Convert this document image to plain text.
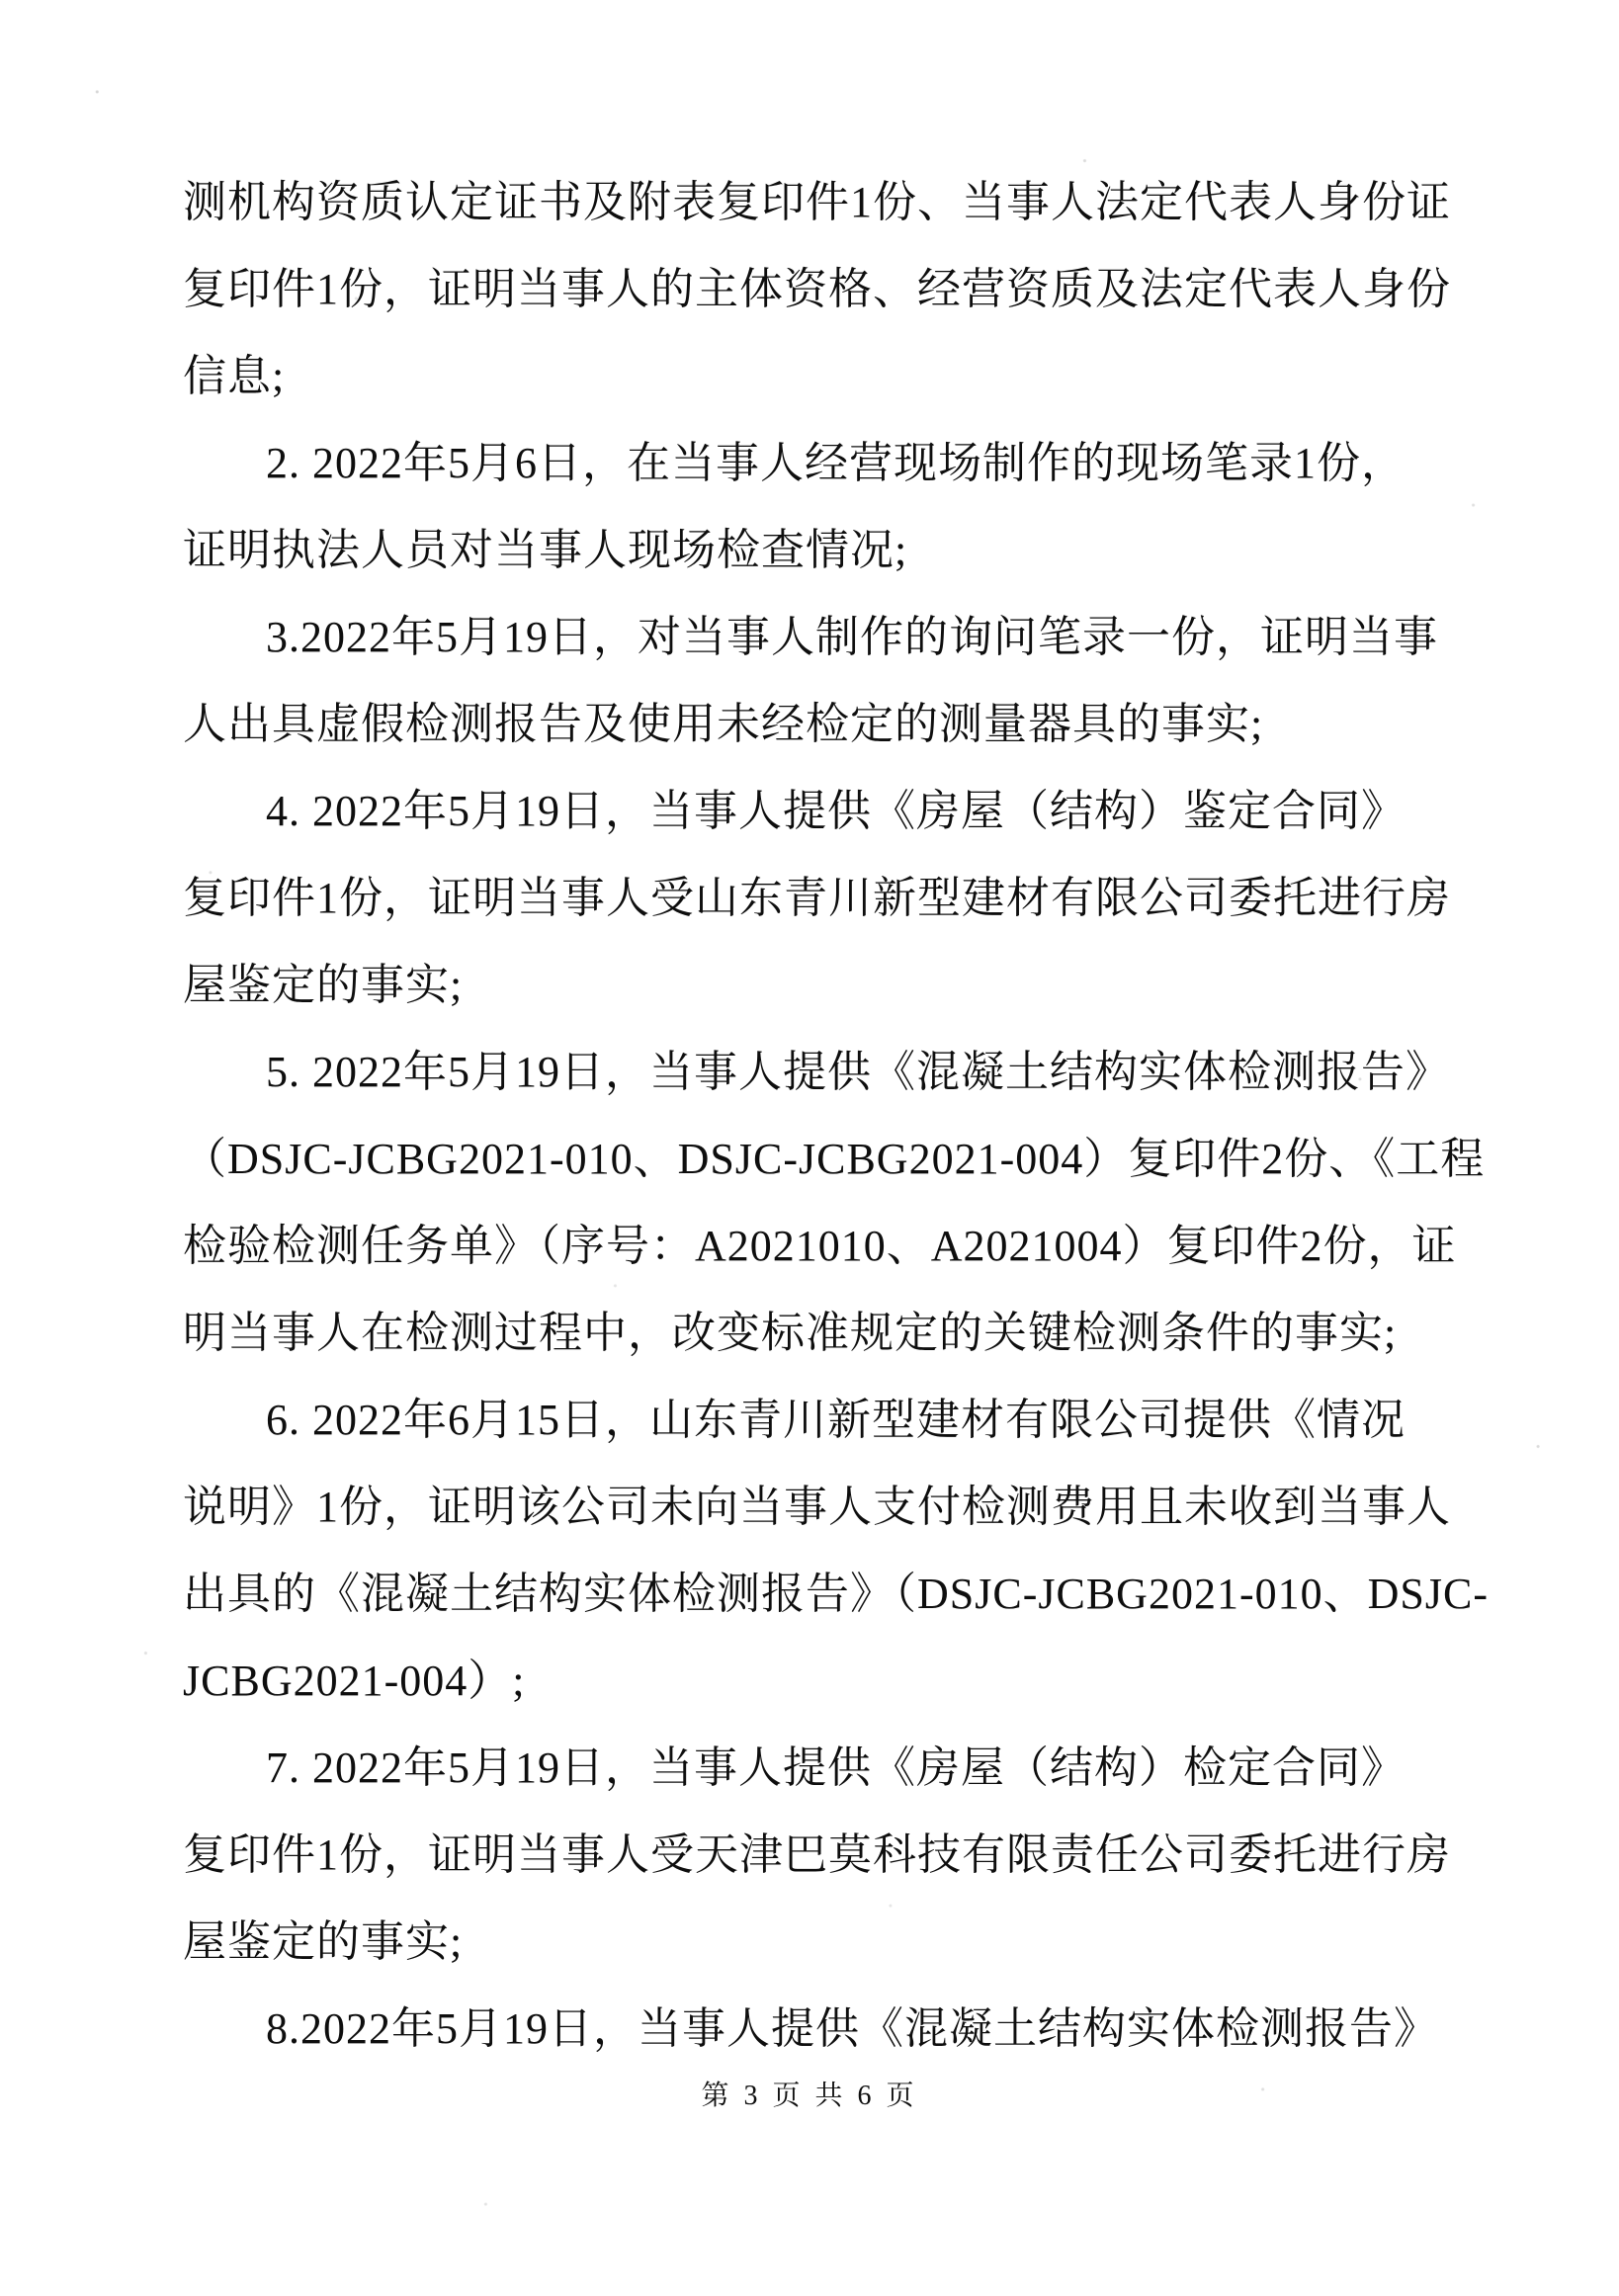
测机构资质认定证书及附表复印件1份、当事人法定代表人身份证
复印件1份，证明当事人的主体资格、经营资质及法定代表人身份
信息;
2. 2022年5月6日，在当事人经营现场制作的现场笔录1份，
证明执法人员对当事人现场检查情况;
3.2022年5月19日，对当事人制作的询问笔录一份，证明当事
人出具虚假检测报告及使用未经检定的测量器具的事实;
4. 2022年5月19日，当事人提供《房屋（结构）鉴定合同》
复印件1份，证明当事人受山东青川新型建材有限公司委托进行房
屋鉴定的事实;
5. 2022年5月19日，当事人提供《混凝土结构实体检测报告》
（DSJC-JCBG2021-010、DSJC-JCBG2021-004）复印件2份、《工程
检验检测任务单》（序号：A2021010、A2021004）复印件2份，证
明当事人在检测过程中，改变标准规定的关键检测条件的事实;
6. 2022年6月15日，山东青川新型建材有限公司提供《情况
说明》1份，证明该公司未向当事人支付检测费用且未收到当事人
出具的《混凝土结构实体检测报告》（DSJC-JCBG2021-010、DSJC-
JCBG2021-004）;
7. 2022年5月19日，当事人提供《房屋（结构）检定合同》
复印件1份，证明当事人受天津巴莫科技有限责任公司委托进行房
屋鉴定的事实;
8.2022年5月19日，当事人提供《混凝土结构实体检测报告》
第 3 页 共 6 页
